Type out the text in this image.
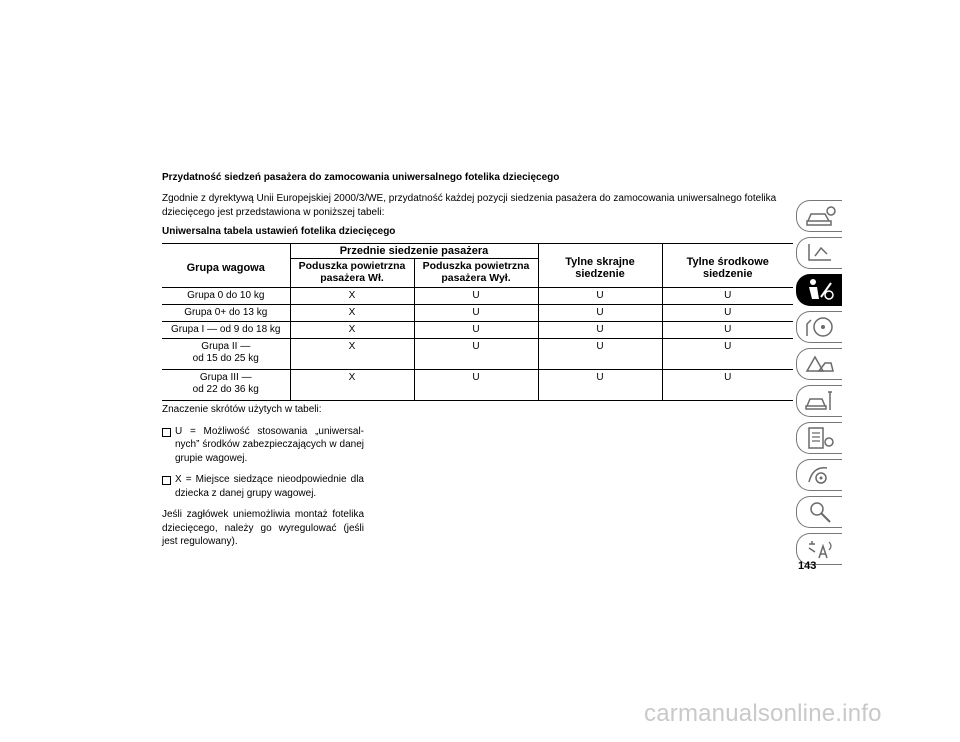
Przydatność siedzeń pasażera do zamocowania uniwersalnego fotelika dziecięcego
Zgodnie z dyrektywą Unii Europejskiej 2000/3/WE, przydatność każdej pozycji siedzenia pasażera do zamocowania uniwersalnego fotelika dziecięcego jest przedstawiona w poniższej tabeli:
Uniwersalna tabela ustawień fotelika dziecięcego
Grupa wagowa	Przednie siedzenie pasażera		Tylne skrajne siedzenie	Tylne środkowe siedzenie
	Poduszka powietrzna pasażera Wł.	Poduszka powietrzna pasażera Wył.		
Grupa 0 do 10 kg	X	U	U	U
Grupa 0+ do 13 kg	X	U	U	U
Grupa I — od 9 do 18 kg	X	U	U	U
Grupa II —
od 15 do 25 kg	X	U	U	U
Grupa III —
od 22 do 36 kg	X	U	U	U
Znaczenie skrótów użytych w tabeli:
U = Możliwość stosowania „uniwersal-nych” środków zabezpieczających w danej grupie wagowej.
X = Miejsce siedzące nieodpowiednie dla dziecka z danej grupy wagowej.
Jeśli zagłówek uniemożliwia montaż fotelika dziecięcego, należy go wyregulować (jeśli jest regulowany).
143
carmanualsonline.info
